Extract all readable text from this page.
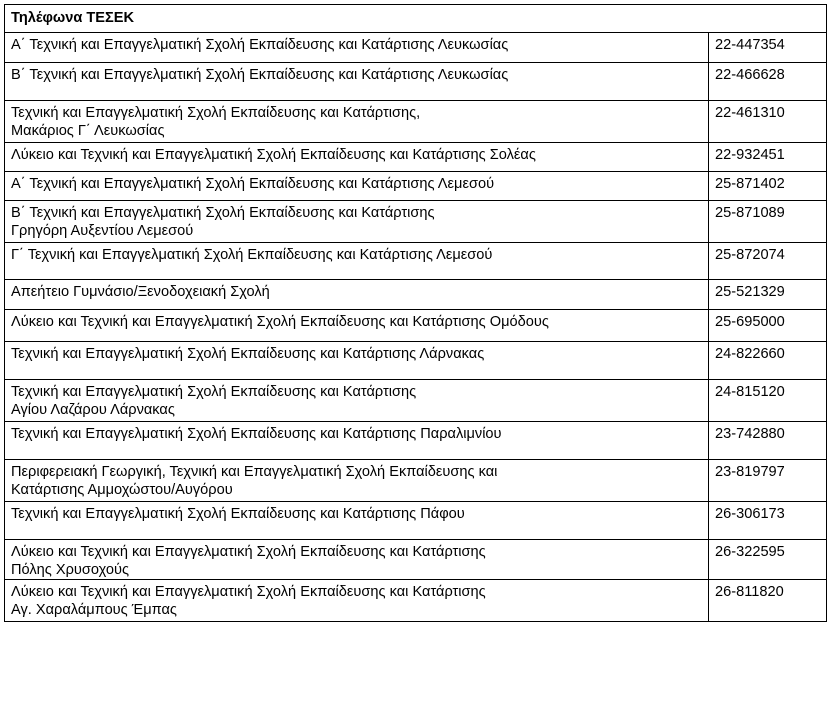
Τηλέφωνα ΤΕΣΕΚ	

Α΄ Τεχνική και Επαγγελματική Σχολή Εκπαίδευσης και Κατάρτισης Λευκωσίας	22-447354

Β΄ Τεχνική και Επαγγελματική Σχολή Εκπαίδευσης και Κατάρτισης Λευκωσίας	22-466628

Τεχνική και Επαγγελματική Σχολή Εκπαίδευσης και Κατάρτισης,
Μακάριος Γ΄ Λευκωσίας	22-461310

Λύκειο και Τεχνική και Επαγγελματική Σχολή Εκπαίδευσης και Κατάρτισης Σολέας	22-932451

Α΄ Τεχνική και Επαγγελματική Σχολή Εκπαίδευσης και Κατάρτισης Λεμεσού	25-871402

Β΄ Τεχνική και Επαγγελματική Σχολή Εκπαίδευσης και Κατάρτισης
Γρηγόρη Αυξεντίου Λεμεσού	25-871089

Γ΄ Τεχνική και Επαγγελματική Σχολή Εκπαίδευσης και Κατάρτισης Λεμεσού	25-872074

Απεήτειο Γυμνάσιο/Ξενοδοχειακή Σχολή	25-521329

Λύκειο και Τεχνική και Επαγγελματική Σχολή Εκπαίδευσης και Κατάρτισης Ομόδους	25-695000

Τεχνική και Επαγγελματική Σχολή Εκπαίδευσης και Κατάρτισης Λάρνακας	24-822660

Τεχνική και Επαγγελματική Σχολή Εκπαίδευσης και Κατάρτισης
Αγίου Λαζάρου Λάρνακας	24-815120

Τεχνική και Επαγγελματική Σχολή Εκπαίδευσης και Κατάρτισης Παραλιμνίου	23-742880

Περιφερειακή Γεωργική, Τεχνική και Επαγγελματική Σχολή Εκπαίδευσης και
Κατάρτισης Αμμοχώστου/Αυγόρου	23-819797

Τεχνική και Επαγγελματική Σχολή Εκπαίδευσης και Κατάρτισης Πάφου	26-306173

Λύκειο και Τεχνική και Επαγγελματική Σχολή Εκπαίδευσης και Κατάρτισης
Πόλης Χρυσοχούς	26-322595

Λύκειο και Τεχνική και Επαγγελματική Σχολή Εκπαίδευσης και Κατάρτισης
Αγ. Χαραλάμπους Έμπας	26-811820
